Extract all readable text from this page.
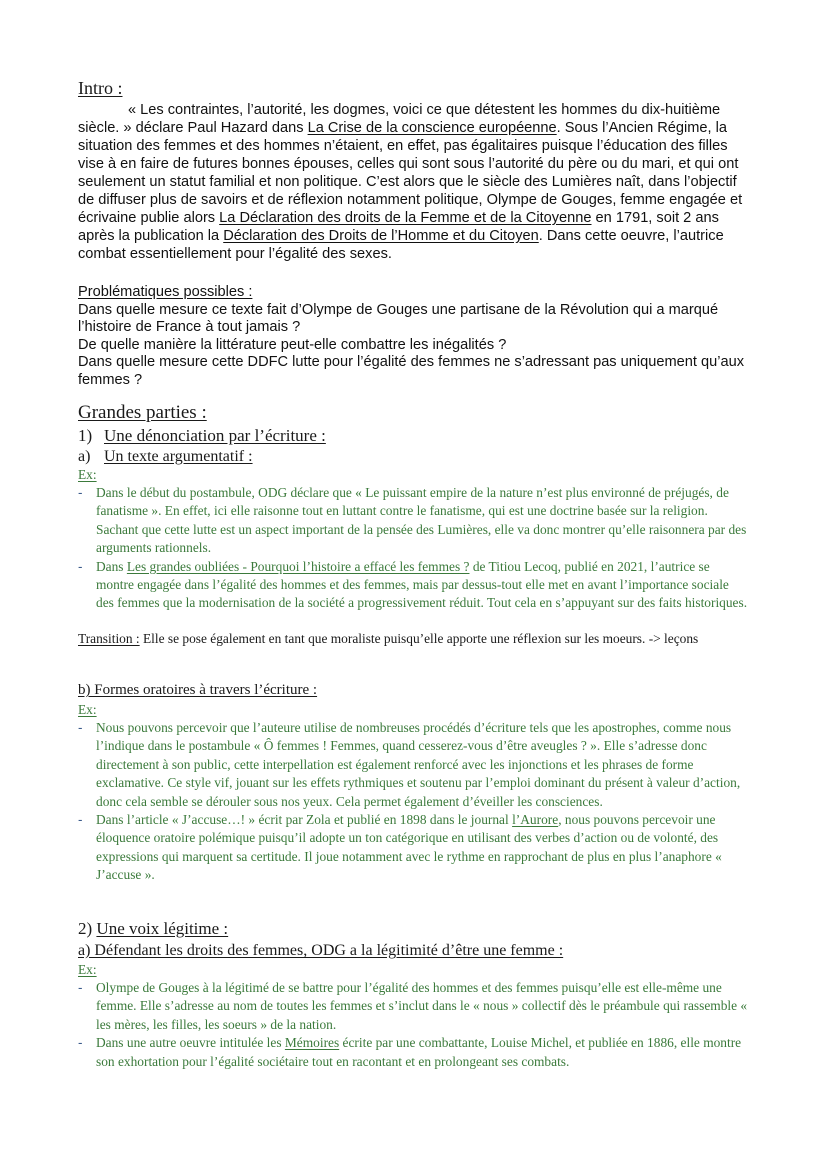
Intro :
« Les contraintes, l’autorité, les dogmes, voici ce que détestent les hommes du dix-huitième siècle. » déclare Paul Hazard dans La Crise de la conscience européenne. Sous l’Ancien Régime, la situation des femmes et des hommes n’étaient, en effet, pas égalitaires puisque l’éducation des filles vise à en faire de futures bonnes épouses, celles qui sont sous l’autorité du père ou du mari, et qui ont seulement un statut familial et non politique. C’est alors que le siècle des Lumières naît, dans l’objectif de diffuser plus de savoirs et de réflexion notamment politique, Olympe de Gouges, femme engagée et écrivaine publie alors La Déclaration des droits de la Femme et de la Citoyenne en 1791, soit 2 ans après la publication la Déclaration des Droits de l’Homme et du Citoyen. Dans cette oeuvre, l’autrice combat essentiellement pour l’égalité des sexes.
Problématiques possibles :
Dans quelle mesure ce texte fait d’Olympe de Gouges une partisane de la Révolution qui a marqué l’histoire de France à tout jamais ?
De quelle manière la littérature peut-elle combattre les inégalités ?
Dans quelle mesure cette DDFC lutte pour l’égalité des femmes ne s’adressant pas uniquement qu’aux femmes ?
Grandes parties :
1) Une dénonciation par l’écriture :
a) Un texte argumentatif :
Ex:
- Dans le début du postambule, ODG déclare que « Le puissant empire de la nature n’est plus environné de préjugés, de fanatisme ». En effet, ici elle raisonne tout en luttant contre le fanatisme, qui est une doctrine basée sur la religion. Sachant que cette lutte est un aspect important de la pensée des Lumières, elle va donc montrer qu’elle raisonnera par des arguments rationnels.
- Dans Les grandes oubliées - Pourquoi l’histoire a effacé les femmes ? de Titiou Lecoq, publié en 2021, l’autrice se montre engagée dans l’égalité des hommes et des femmes, mais par dessus-tout elle met en avant l’importance sociale des femmes que la modernisation de la société a progressivement réduit. Tout cela en s’appuyant sur des faits historiques.
Transition : Elle se pose également en tant que moraliste puisqu’elle apporte une réflexion sur les moeurs. -> leçons
b) Formes oratoires à travers l’écriture :
Ex:
- Nous pouvons percevoir que l’auteure utilise de nombreuses procédés d’écriture tels que les apostrophes, comme nous l’indique dans le postambule « Ô femmes ! Femmes, quand cesserez-vous d’être aveugles ? ». Elle s’adresse donc directement à son public, cette interpellation est également renforcé avec les injonctions et les phrases de forme exclamative. Ce style vif, jouant sur les effets rythmiques et soutenu par l’emploi dominant du présent à valeur d’action, donc cela semble se dérouler sous nos yeux. Cela permet également d’éveiller les consciences.
- Dans l’article « J’accuse…! » écrit par Zola et publié en 1898 dans le journal l’Aurore, nous pouvons percevoir une éloquence oratoire polémique puisqu’il adopte un ton catégorique en utilisant des verbes d’action ou de volonté, des expressions qui marquent sa certitude. Il joue notamment avec le rythme en rapprochant de plus en plus l’anaphore « J’accuse ».
2) Une voix légitime :
a) Défendant les droits des femmes, ODG a la légitimité d’être une femme :
Ex:
- Olympe de Gouges à la légitimé de se battre pour l’égalité des hommes et des femmes puisqu’elle est elle-même une femme. Elle s’adresse au nom de toutes les femmes et s’inclut dans le « nous » collectif dès le préambule qui rassemble « les mères, les filles, les soeurs » de la nation.
- Dans une autre oeuvre intitulée les Mémoires écrite par une combattante, Louise Michel, et publiée en 1886, elle montre son exhortation pour l’égalité sociétaire tout en racontant et en prolongeant ses combats.
